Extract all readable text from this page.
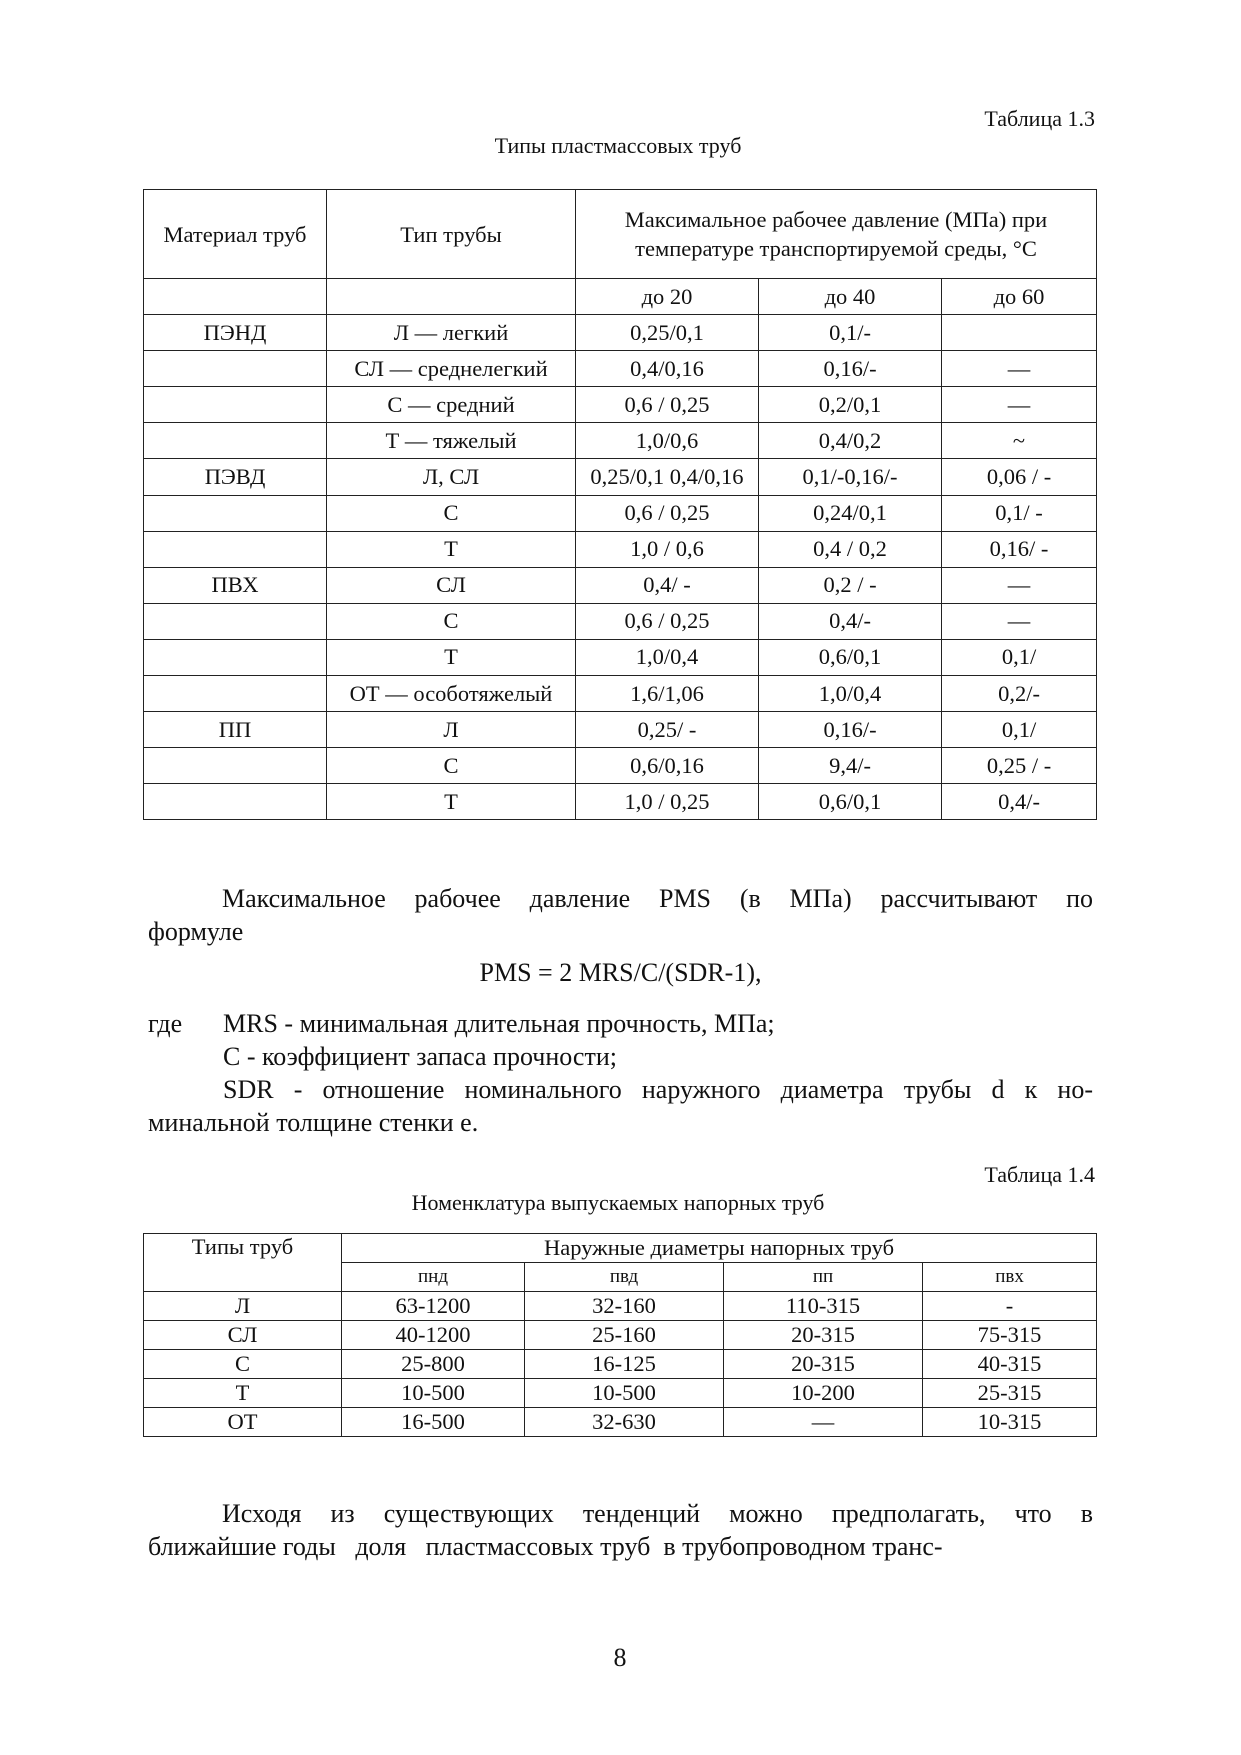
Таблица 1.3
Типы пластмассовых труб
Материал труб	Тип трубы	Максимальное рабочее давление (МПа) при температуре транспортируемой среды, °С		
		до 20	до 40	до 60
ПЭНД	Л — легкий	0,25/0,1	0,1/-	
	СЛ — среднелегкий	0,4/0,16	0,16/-	—
	С — средний	0,6 / 0,25	0,2/0,1	—
	Т — тяжелый	1,0/0,6	0,4/0,2	~
ПЭВД	Л, СЛ	0,25/0,1 0,4/0,16	0,1/-0,16/-	0,06 / -
	С	0,6 / 0,25	0,24/0,1	0,1/ -
	Т	1,0 / 0,6	0,4 / 0,2	0,16/ -
ПВХ	СЛ	0,4/ -	0,2 / -	—
	С	0,6 / 0,25	0,4/-	—
	Т	1,0/0,4	0,6/0,1	0,1/
	ОТ — особотяжелый	1,6/1,06	1,0/0,4	0,2/-
ПП	Л	0,25/ -	0,16/-	0,1/
	С	0,6/0,16	9,4/-	0,25 / -
	Т	1,0 / 0,25	0,6/0,1	0,4/-
Максимальное рабочее давление PMS (в МПа) рассчитывают по
формуле
PMS = 2 MRS/C/(SDR-1),
где	MRS - минимальная длительная прочность, МПа;
С - коэффициент запаса прочности;
SDR - отношение номинального наружного диаметра трубы d к но-
минальной толщине стенки е.
Таблица 1.4
Номенклатура выпускаемых напорных труб
Типы труб	Наружные диаметры напорных труб			
	пнд	пвд	пп	пвх
Л	63-1200	32-160	110-315	-
СЛ	40-1200	25-160	20-315	75-315
С	25-800	16-125	20-315	40-315
Т	10-500	10-500	10-200	25-315
ОТ	16-500	32-630	—	10-315
Исходя из существующих тенденций можно предполагать, что в
ближайшие годы   доля   пластмассовых труб  в трубопроводном транс-
8
